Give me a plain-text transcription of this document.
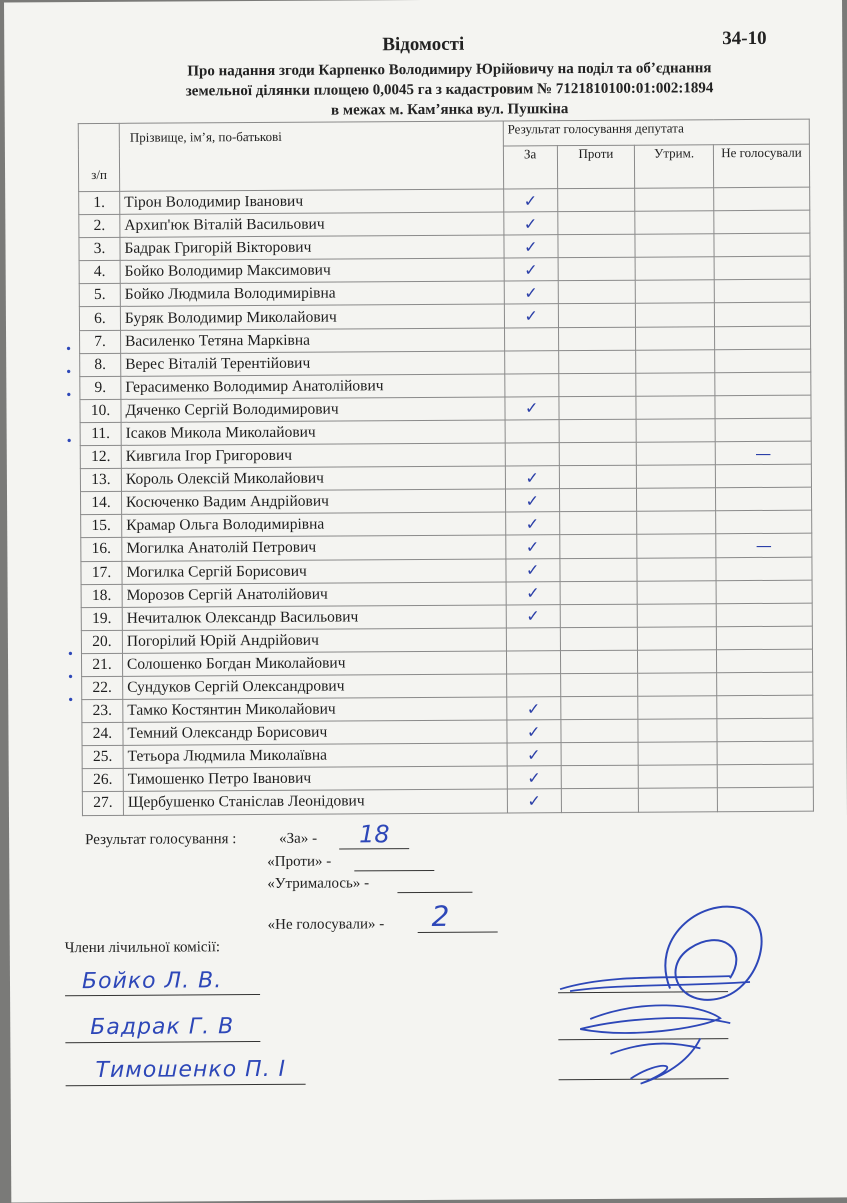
Відомості	34-10
Про надання згоди Карпенко Володимиру Юрійовичу на поділ та об’єднання
земельної ділянки площею 0,0045 га з кадастровим № 7121810100:01:002:1894
в межах м. Кам’янка вул. Пушкіна
з/п	Прізвище, ім’я, по-батькові	Результат голосування депутата			
		За	Проти	Утрим.	Не голосували
1.	Тірон Володимир Іванович	✓			
2.	Архип'юк Віталій Васильович	✓			
3.	Бадрак Григорій Вікторович	✓			
4.	Бойко Володимир Максимович	✓			
5.	Бойко Людмила Володимирівна	✓			
6.	Буряк Володимир Миколайович	✓			
7.	Василенко Тетяна Марківна				
8.	Верес Віталій Терентійович				
9.	Герасименко Володимир Анатолійович				
10.	Дяченко Сергій Володимирович	✓			
11.	Ісаков Микола Миколайович				
12.	Кивгила Ігор Григорович				—
13.	Король Олексій Миколайович	✓			
14.	Косюченко Вадим Андрійович	✓			
15.	Крамар Ольга Володимирівна	✓			
16.	Могилка Анатолій Петрович	✓			—
17.	Могилка Сергій Борисович	✓			
18.	Морозов Сергій Анатолійович	✓			
19.	Нечиталюк Олександр Васильович	✓			
20.	Погорілий Юрій Андрійович				
21.	Солошенко Богдан Миколайович				
22.	Сундуков Сергій Олександрович				
23.	Тамко Костянтин Миколайович	✓			
24.	Темний Олександр Борисович	✓			
25.	Тетьора Людмила Миколаївна	✓			
26.	Тимошенко Петро Іванович	✓			
27.	Щербушенко Станіслав Леонідович	✓			
•
•
•
•
•
•
•
Результат голосування :	«За» - 18
«Проти» -
«Утрималось» -
«Не голосували» - 2
Члени лічильної комісії:
Бойко Л. В.
Бадрак Г. В
Тимошенко П. І
